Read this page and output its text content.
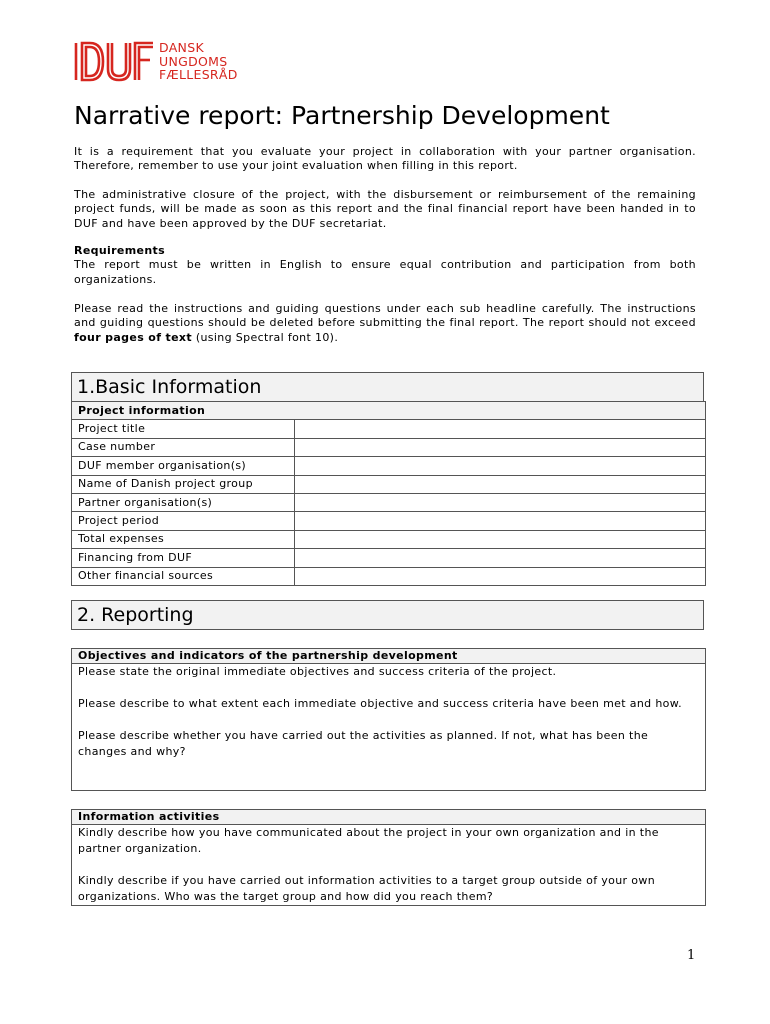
DANSK
UNGDOMS
FÆLLESRÅD
Narrative report: Partnership Development

It is a requirement that you evaluate your project in collaboration with your partner organisation. Therefore, remember to use your joint evaluation when filling in this report.

The administrative closure of the project, with the disbursement or reimbursement of the remaining project funds, will be made as soon as this report and the final financial report have been handed in to DUF and have been approved by the DUF secretariat.

Requirements
The report must be written in English to ensure equal contribution and participation from both organizations.

Please read the instructions and guiding questions under each sub headline carefully. The instructions and guiding questions should be deleted before submitting the final report. The report should not exceed four pages of text (using Spectral font 10).

1.Basic Information
Project information	
Project title	
Case number	
DUF member organisation(s)	
Name of Danish project group	
Partner organisation(s)	
Project period	
Total expenses	
Financing from DUF	
Other financial sources	
2. Reporting
Objectives and indicators of the partnership development

Please state the original immediate objectives and success criteria of the project.

Please describe to what extent each immediate objective and success criteria have been met and how.

Please describe whether you have carried out the activities as planned. If not, what has been the changes and why?

Information activities

Kindly describe how you have communicated about the project in your own organization and in the partner organization.

Kindly describe if you have carried out information activities to a target group outside of your own organizations. Who was the target group and how did you reach them?

1
